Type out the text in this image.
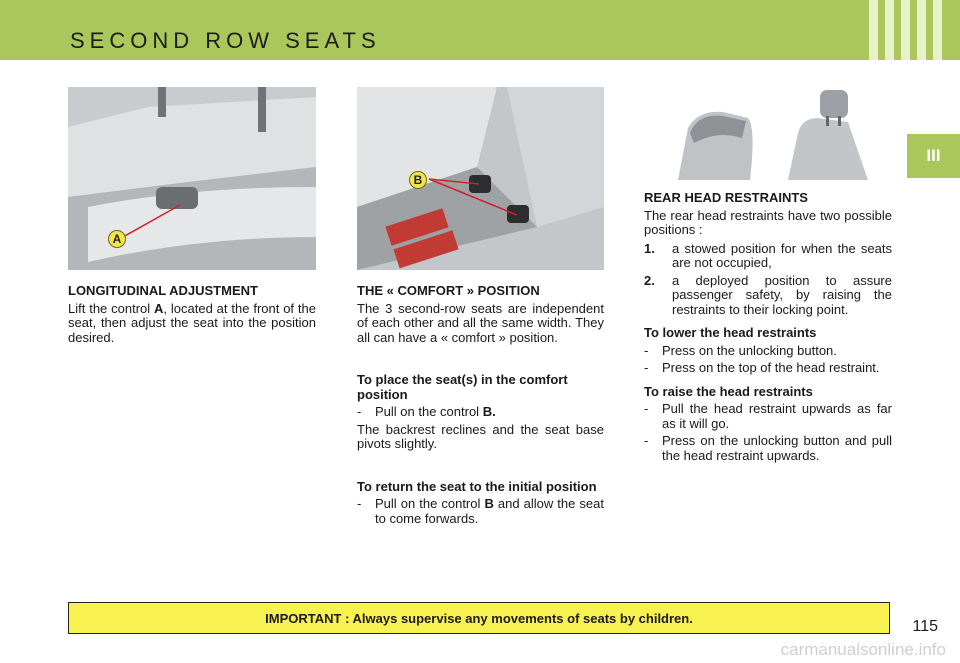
SECOND ROW SEATS
III
A
B
LONGITUDINAL ADJUSTMENT

Lift the control A, located at the front of the seat, then adjust the seat into the position desired.

THE « COMFORT » POSITION

The 3 second-row seats are independent of each other and all the same width. They all can have a « comfort » position.

To place the seat(s) in the comfort position
-	Pull on the control B.

The backrest reclines and the seat base pivots slightly.

To return the seat to the initial position
-	Pull on the control B and allow the seat to come forwards.
REAR HEAD RESTRAINTS

The rear head restraints have two possible positions :

1.	a stowed position for when the seats are not occupied,
2.	a deployed position to assure passenger safety, by raising the restraints to their locking point.
To lower the head restraints
-	Press on the unlocking button.
-	Press on the top of the head restraint.
To raise the head restraints
-	Pull the head restraint upwards as far as it will go.
-	Press on the unlocking button and pull the head restraint upwards.
IMPORTANT : Always supervise any movements of seats by children.	115
carmanualsonline.info
